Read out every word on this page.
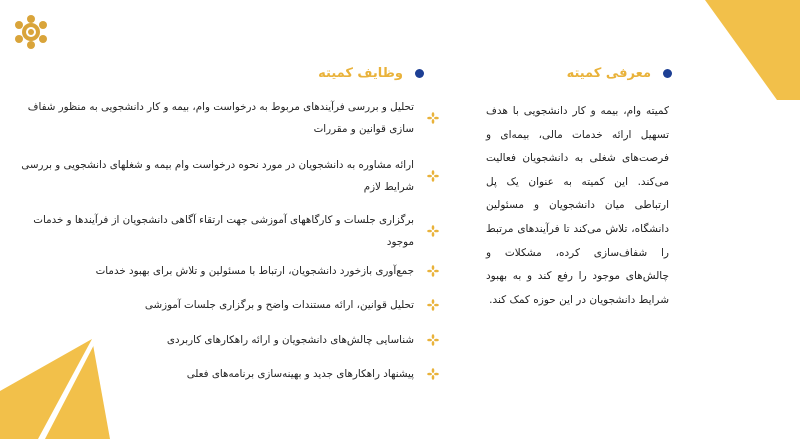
معرفی کمیته
وظایف کمیته

کمیته وام، بیمه و کار دانشجویی با هدف تسهیل ارائه خدمات مالی، بیمه‌ای و فرصت‌های شغلی به دانشجویان فعالیت می‌کند. این کمیته به عنوان یک پل ارتباطی میان دانشجویان و مسئولین دانشگاه، تلاش می‌کند تا فرآیندهای مرتبط را شفاف‌سازی کرده، مشکلات و چالش‌های موجود را رفع کند و به بهبود شرایط دانشجویان در این حوزه کمک کند.

تحلیل و بررسی فرآیندهای مربوط به درخواست وام، بیمه و کار دانشجویی به منظور شفاف سازی قوانین و مقررات
ارائه مشاوره به دانشجویان در مورد نحوه درخواست وام بیمه و شغلهای دانشجویی و بررسی شرایط لازم
برگزاری جلسات و کارگاههای آموزشی جهت ارتقاء آگاهی دانشجویان از فرآیندها و خدمات موجود
جمع‌آوری بازخورد دانشجویان، ارتباط با مسئولین و تلاش برای بهبود خدمات
تحلیل قوانین، ارائه مستندات واضح و برگزاری جلسات آموزشی
شناسایی چالش‌های دانشجویان و ارائه راهکارهای کاربردی
پیشنهاد راهکارهای جدید و بهینه‌سازی برنامه‌های فعلی
